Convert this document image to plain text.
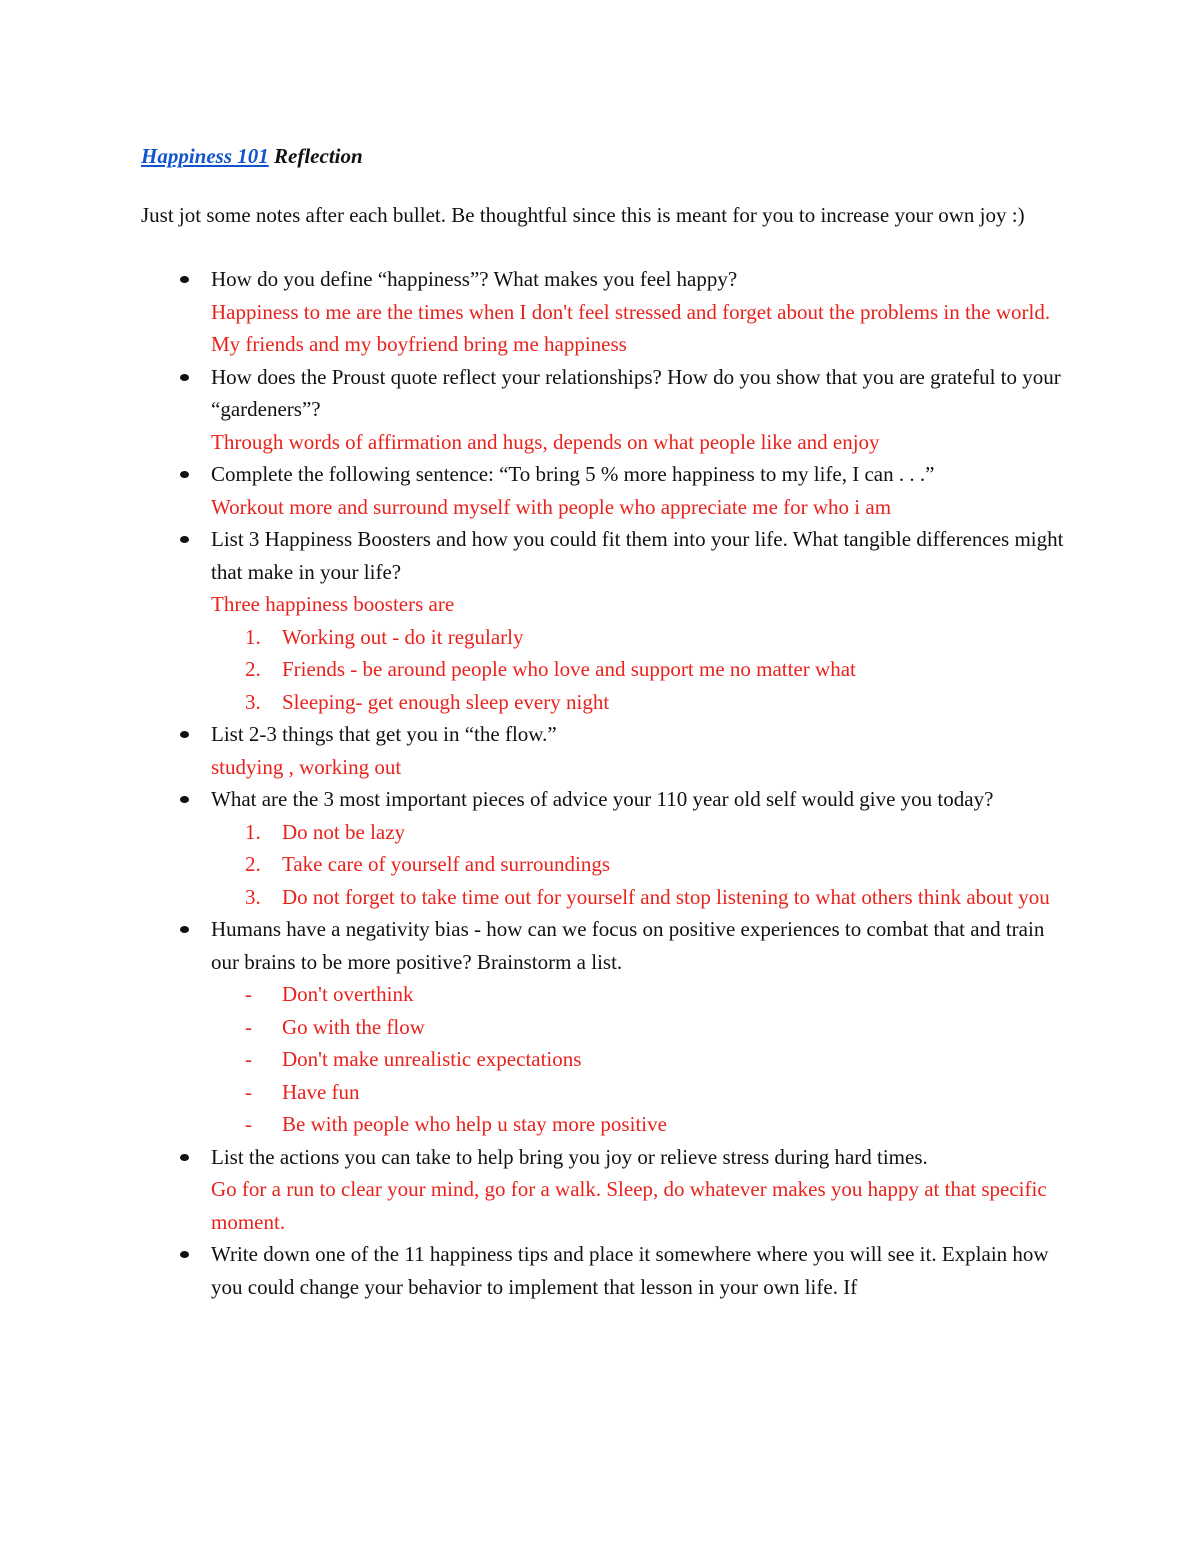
Happiness 101 Reflection

Just jot some notes after each bullet. Be thoughtful since this is meant for you to increase your own joy :)

How do you define “happiness”? What makes you feel happy?
Happiness to me are the times when I don't feel stressed and forget about the problems in the world. My friends and my boyfriend bring me happiness
How does the Proust quote reflect your relationships? How do you show that you are grateful to your “gardeners”?
Through words of affirmation and hugs, depends on what people like and enjoy
Complete the following sentence: “To bring 5 % more happiness to my life, I can . . .”
Workout more and surround myself with people who appreciate me for who i am
List 3 Happiness Boosters and how you could fit them into your life. What tangible differences might that make in your life?
Three happiness boosters are
1. Working out - do it regularly
2. Friends - be around people who love and support me no matter what
3. Sleeping- get enough sleep every night
List 2-3 things that get you in “the flow.”
studying , working out
What are the 3 most important pieces of advice your 110 year old self would give you today?
1. Do not be lazy
2. Take care of yourself and surroundings
3. Do not forget to take time out for yourself and stop listening to what others think about you
Humans have a negativity bias - how can we focus on positive experiences to combat that and train our brains to be more positive? Brainstorm a list.
- Don't overthink
- Go with the flow
- Don't make unrealistic expectations
- Have fun
- Be with people who help u stay more positive
List the actions you can take to help bring you joy or relieve stress during hard times.
Go for a run to clear your mind, go for a walk. Sleep, do whatever makes you happy at that specific moment.
Write down one of the 11 happiness tips and place it somewhere where you will see it. Explain how you could change your behavior to implement that lesson in your own life. If
